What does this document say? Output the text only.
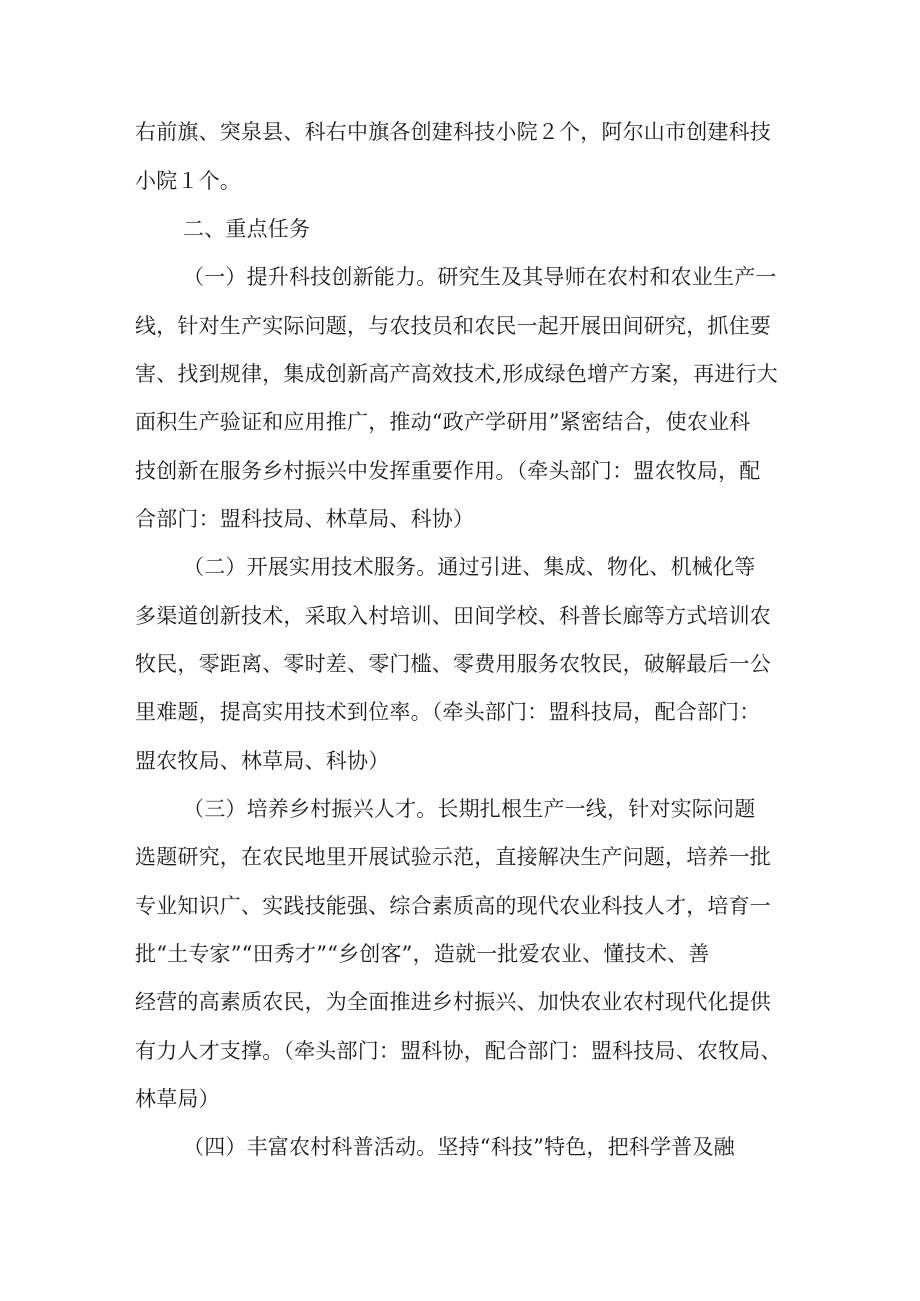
右前旗、突泉县、科右中旗各创建科技小院２个，阿尔山市创建科技
小院１个。
二、重点任务
（一）提升科技创新能力。研究生及其导师在农村和农业生产一
线，针对生产实际问题，与农技员和农民一起开展田间研究，抓住要
害、找到规律，集成创新高产高效技术,形成绿色增产方案，再进行大
面积生产验证和应用推广，推动“政产学研用”紧密结合，使农业科
技创新在服务乡村振兴中发挥重要作用。（牵头部门：盟农牧局，配
合部门：盟科技局、林草局、科协）
（二）开展实用技术服务。通过引进、集成、物化、机械化等
多渠道创新技术，采取入村培训、田间学校、科普长廊等方式培训农
牧民，零距离、零时差、零门槛、零费用服务农牧民，破解最后一公
里难题，提高实用技术到位率。（牵头部门：盟科技局，配合部门：
盟农牧局、林草局、科协）
（三）培养乡村振兴人才。长期扎根生产一线，针对实际问题
选题研究，在农民地里开展试验示范，直接解决生产问题，培养一批
专业知识广、实践技能强、综合素质高的现代农业科技人才，培育一
批“土专家”“田秀才”“乡创客”，造就一批爱农业、懂技术、善
经营的高素质农民，为全面推进乡村振兴、加快农业农村现代化提供
有力人才支撑。（牵头部门：盟科协，配合部门：盟科技局、农牧局、
林草局）
（四）丰富农村科普活动。坚持“科技”特色，把科学普及融
